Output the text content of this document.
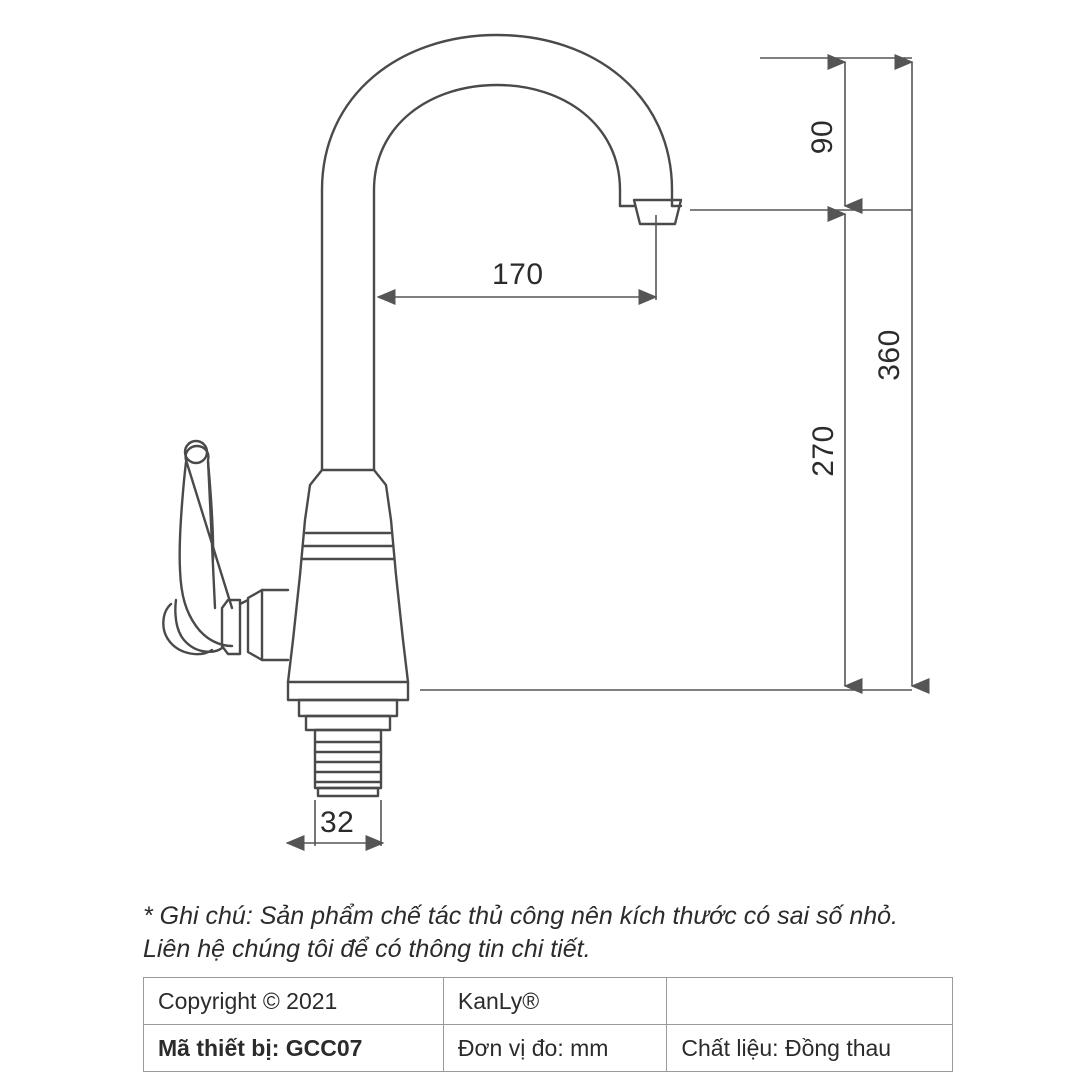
90
170
270
360
32
* Ghi chú: Sản phẩm chế tác thủ công nên kích thước có sai số nhỏ.
Liên hệ chúng tôi để có thông tin chi tiết.
Copyright © 2021	KanLy®	
Mã thiết bị: GCC07	Đơn vị đo: mm	Chất liệu: Đồng thau
